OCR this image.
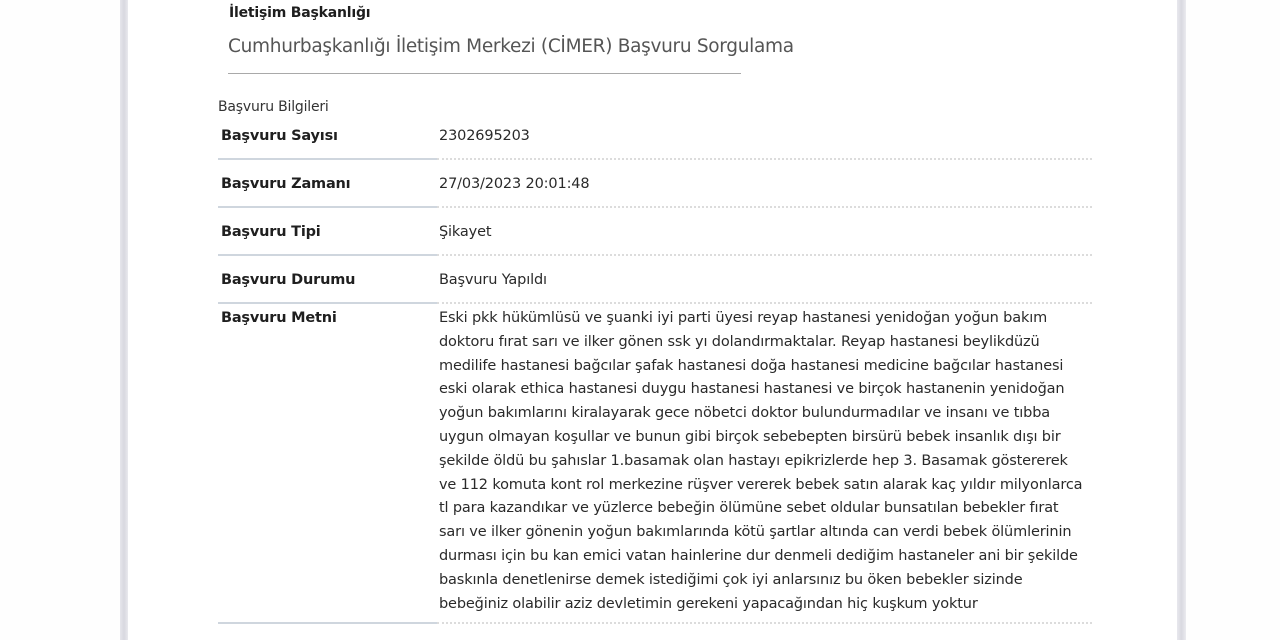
İletişim Başkanlığı
Cumhurbaşkanlığı İletişim Merkezi (CİMER) Başvuru Sorgulama
Başvuru Bilgileri
Başvuru Sayısı	2302695203
Başvuru Zamanı	27/03/2023 20:01:48
Başvuru Tipi	Şikayet
Başvuru Durumu	Başvuru Yapıldı
Başvuru Metni	Eski pkk hükümlüsü ve şuanki iyi parti üyesi reyap hastanesi yenidoğan yoğun bakım doktoru fırat sarı ve ilker gönen ssk yı dolandırmaktalar. Reyap hastanesi beylikdüzü medilife hastanesi bağcılar şafak hastanesi doğa hastanesi medicine bağcılar hastanesi eski olarak ethica hastanesi duygu hastanesi hastanesi ve birçok hastanenin yenidoğan yoğun bakımlarını kiralayarak gece nöbetci doktor bulundurmadılar ve insanı ve tıbba uygun olmayan koşullar ve bunun gibi birçok sebebepten birsürü bebek insanlık dışı bir şekilde öldü bu şahıslar 1.basamak olan hastayı epikrizlerde hep 3. Basamak göstererek ve 112 komuta kont rol merkezine rüşver vererek bebek satın alarak kaç yıldır milyonlarca tl para kazandıkar ve yüzlerce bebeğin ölümüne sebet oldular bunsatılan bebekler fırat sarı ve ilker gönenin yoğun bakımlarında kötü şartlar altında can verdi bebek ölümlerinin durması için bu kan emici vatan hainlerine dur denmeli dediğim hastaneler ani bir şekilde baskınla denetlenirse demek istediğimi çok iyi anlarsınız bu öken bebekler sizinde bebeğiniz olabilir aziz devletimin gerekeni yapacağından hiç kuşkum yoktur
